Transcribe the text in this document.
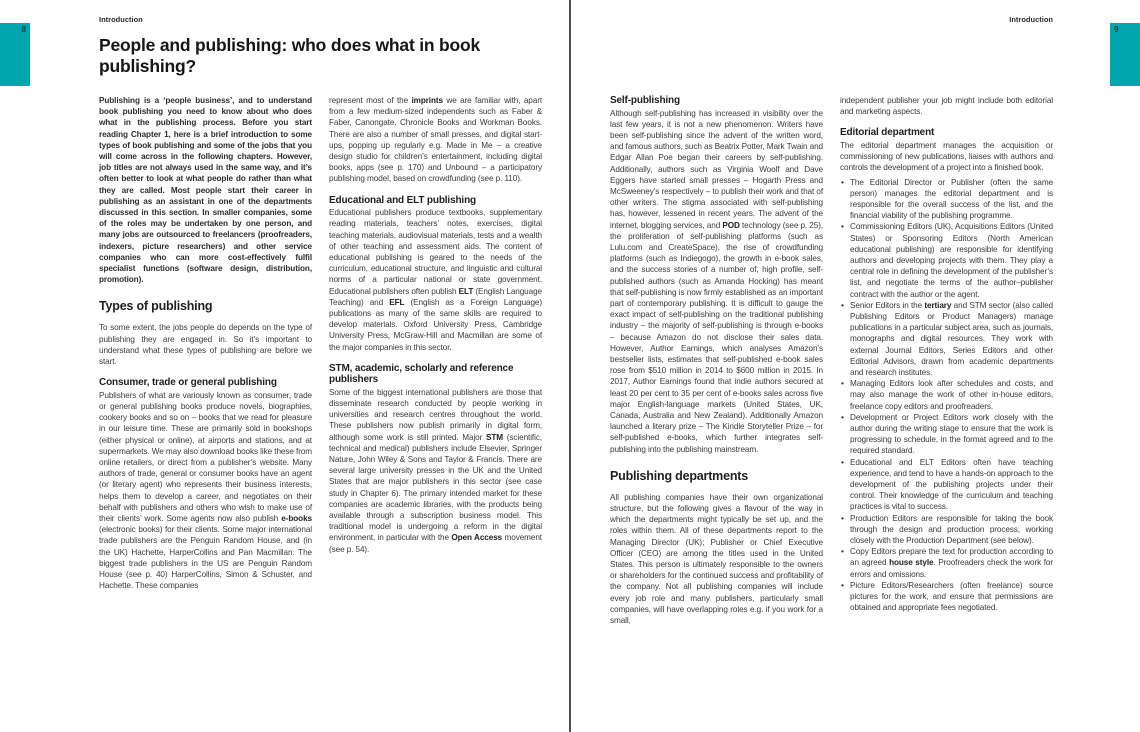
8	9
Introduction
People and publishing: who does what in book publishing?
Publishing is a ‘people business’, and to understand book publishing you need to know about who does what in the publishing process. Before you start reading Chapter 1, here is a brief introduction to some types of book publishing and some of the jobs that you will come across in the following chapters. However, job titles are not always used in the same way, and it’s often better to look at what people do rather than what they are called. Most people start their career in publishing as an assistant in one of the departments discussed in this section. In smaller companies, some of the roles may be undertaken by one person, and many jobs are outsourced to freelancers (proofreaders, indexers, picture researchers) and other service companies who can more cost-effectively fulfil specialist functions (software design, distribution, promotion).
Types of publishing
To some extent, the jobs people do depends on the type of publishing they are engaged in. So it’s important to understand what these types of publishing are before we start.
Consumer, trade or general publishing
Publishers of what are variously known as consumer, trade or general publishing books produce novels, biographies, cookery books and so on – books that we read for pleasure in our leisure time. These are primarily sold in bookshops (either physical or online), at airports and stations, and at supermarkets. We may also download books like these from online retailers, or direct from a publisher’s website. Many authors of trade, general or consumer books have an agent (or literary agent) who represents their business interests, helps them to develop a career, and negotiates on their behalf with publishers and others who wish to make use of their clients’ work. Some agents now also publish e-books (electronic books) for their clients. Some major international trade publishers are the Penguin Random House, and (in the UK) Hachette, HarperCollins and Pan Macmillan. The biggest trade publishers in the US are Penguin Random House (see p. 40) HarperCollins, Simon & Schuster, and Hachette. These companies
represent most of the imprints we are familiar with, apart from a few medium-sized independents such as Faber & Faber, Canongate, Chronicle Books and Workman Books. There are also a number of small presses, and digital start-ups, popping up regularly e.g. Made in Me – a creative design studio for children’s entertainment, including digital books, apps (see p. 170) and Unbound – a participatory publishing model, based on crowdfunding (see p. 110).
Educational and ELT publishing
Educational publishers produce textbooks, supplementary reading materials, teachers’ notes, exercises, digital teaching materials, audiovisual materials, tests and a wealth of other teaching and assessment aids. The content of educational publishing is geared to the needs of the curriculum, educational structure, and linguistic and cultural norms of a particular national or state government. Educational publishers often publish ELT (English Language Teaching) and EFL (English as a Foreign Language) publications as many of the same skills are required to develop materials. Oxford University Press, Cambridge University Press, McGraw-Hill and Macmillan are some of the major companies in this sector.
STM, academic, scholarly and reference publishers
Some of the biggest international publishers are those that disseminate research conducted by people working in universities and research centres throughout the world. These publishers now publish primarily in digital form, although some work is still printed. Major STM (scientific, technical and medical) publishers include Elsevier, Springer Nature, John Wiley & Sons and Taylor & Francis. There are several large university presses in the UK and the United States that are major publishers in this sector (see case study in Chapter 6). The primary intended market for these companies are academic libraries, with the products being available through a subscription business model. This traditional model is undergoing a reform in the digital environment, in particular with the Open Access movement (see p. 54).
Introduction
Self-publishing
Although self-publishing has increased in visibility over the last few years, it is not a new phenomenon. Writers have been self-publishing since the advent of the written word, and famous authors, such as Beatrix Potter, Mark Twain and Edgar Allan Poe began their careers by self-publishing. Additionally, authors such as Virginia Woolf and Dave Eggers have started small presses – Hogarth Press and McSweeney’s respectively – to publish their work and that of other writers. The stigma associated with self-publishing has, however, lessened in recent years. The advent of the internet, blogging services, and POD technology (see p. 25), the proliferation of self-publishing platforms (such as Lulu.com and CreateSpace), the rise of crowdfunding platforms (such as Indiegogo), the growth in e-book sales, and the success stories of a number of, high profile, self-published authors (such as Amanda Hocking) has meant that self-publishing is now firmly established as an important part of contemporary publishing. It is difficult to gauge the exact impact of self-publishing on the traditional publishing industry – the majority of self-publishing is through e-books – because Amazon do not disclose their sales data. However, Author Earnings, which analyses Amazon’s bestseller lists, estimates that self-published e-book sales rose from $510 million in 2014 to $600 million in 2015. In 2017, Author Earnings found that indie authors secured at least 20 per cent to 35 per cent of e-books sales across five major English-language markets (United States, UK, Canada, Australia and New Zealand). Additionally Amazon launched a literary prize – The Kindle Storyteller Prize – for self-published e-books, which further integrates self-publishing into the publishing mainstream.
Publishing departments
All publishing companies have their own organizational structure, but the following gives a flavour of the way in which the departments might typically be set up, and the roles within them. All of these departments report to the Managing Director (UK); Publisher or Chief Executive Officer (CEO) are among the titles used in the United States. This person is ultimately responsible to the owners or shareholders for the continued success and profitability of the company. Not all publishing companies will include every job role and many publishers, particularly small companies, will have overlapping roles e.g. if you work for a small,
independent publisher your job might include both editorial and marketing aspects.
Editorial department
The editorial department manages the acquisition or commissioning of new publications, liaises with authors and controls the development of a project into a finished book.
• The Editorial Director or Publisher (often the same person) manages the editorial department and is responsible for the overall success of the list, and the financial viability of the publishing programme.
• Commissioning Editors (UK), Acquisitions Editors (United States) or Sponsoring Editors (North American educational publishing) are responsible for identifying authors and developing projects with them. They play a central role in defining the development of the publisher’s list, and negotiate the terms of the author–publisher contract with the author or the agent.
• Senior Editors in the tertiary and STM sector (also called Publishing Editors or Product Managers) manage publications in a particular subject area, such as journals, monographs and digital resources. They work with external Journal Editors, Series Editors and other Editorial Advisors, drawn from academic departments and research institutes.
• Managing Editors look after schedules and costs, and may also manage the work of other in-house editors, freelance copy editors and proofreaders.
• Development or Project Editors work closely with the author during the writing stage to ensure that the work is progressing to schedule, in the format agreed and to the required standard.
• Educational and ELT Editors often have teaching experience, and tend to have a hands-on approach to the development of the publishing projects under their control. Their knowledge of the curriculum and teaching practices is vital to success.
• Production Editors are responsible for taking the book through the design and production process, working closely with the Production Department (see below).
• Copy Editors prepare the text for production according to an agreed house style. Proofreaders check the work for errors and omissions.
• Picture Editors/Researchers (often freelance) source pictures for the work, and ensure that permissions are obtained and appropriate fees negotiated.
